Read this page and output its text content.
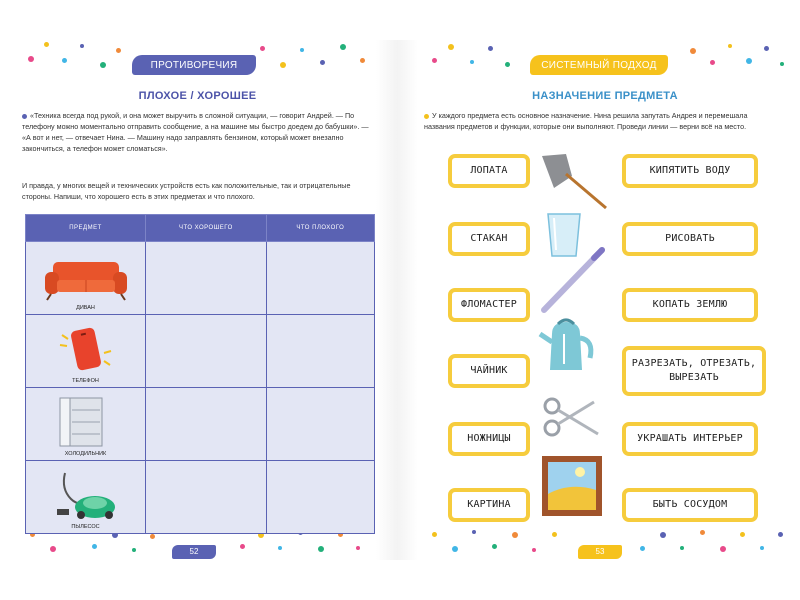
ПРОТИВОРЕЧИЯ
ПЛОХОЕ / ХОРОШЕЕ
«Техника всегда под рукой, и она может выручить в сложной ситуации, — говорит Андрей. — По телефону можно моментально отправить сообщение, а на машине мы быстро доедем до бабушки». — «А вот и нет, — отвечает Нина. — Машину надо заправлять бензином, который может внезапно закончиться, а телефон может сломаться».
И правда, у многих вещей и технических устройств есть как положительные, так и отрицательные стороны. Напиши, что хорошего есть в этих предметах и что плохого.
ПРЕДМЕТ	ЧТО ХОРОШЕГО	ЧТО ПЛОХОГО

ДИВАН		

ТЕЛЕФОН		

ХОЛОДИЛЬНИК		

ПЫЛЕСОС		
52
СИСТЕМНЫЙ ПОДХОД
НАЗНАЧЕНИЕ ПРЕДМЕТА
У каждого предмета есть основное назначение. Нина решила запутать Андрея и перемешала названия предметов и функции, которые они выполняют. Проведи линии — верни всё на место.
ЛОПАТА
СТАКАН
ФЛОМАСТЕР
ЧАЙНИК
НОЖНИЦЫ
КАРТИНА
КИПЯТИТЬ ВОДУ
РИСОВАТЬ
КОПАТЬ ЗЕМЛЮ
РАЗРЕЗАТЬ, ОТРЕЗАТЬ, ВЫРЕЗАТЬ
УКРАШАТЬ ИНТЕРЬЕР
БЫТЬ СОСУДОМ
53
